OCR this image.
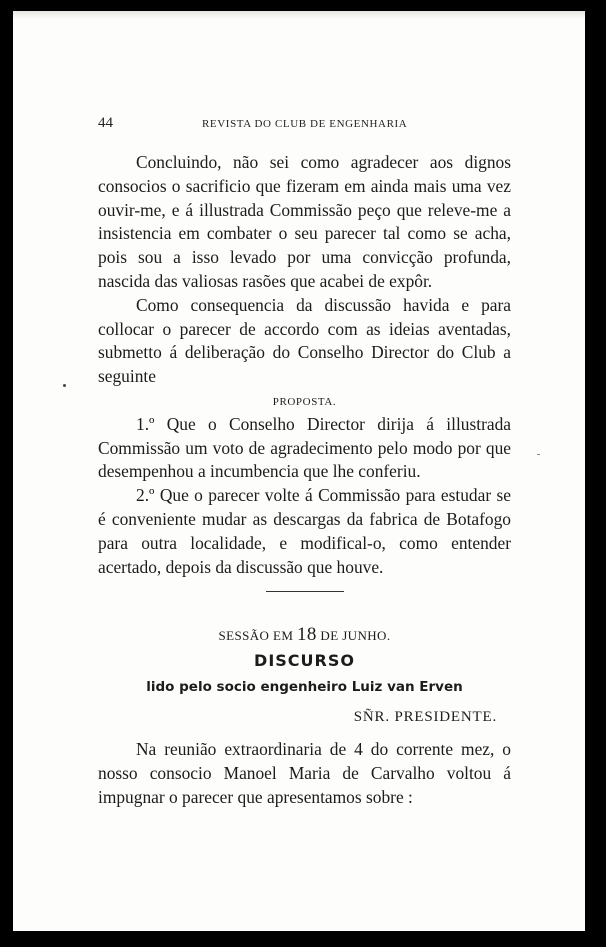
44	REVISTA DO CLUB DE ENGENHARIA

Concluindo, não sei como agradecer aos dignos consocios o sacrificio que fizeram em ainda mais uma vez ouvir-me, e á illustrada Commissão peço que releve-me a insistencia em combater o seu parecer tal como se acha, pois sou a isso levado por uma convicção profunda, nascida das valiosas rasões que acabei de expôr.

Como consequencia da discussão havida e para collocar o parecer de accordo com as ideias aventadas, submetto á deliberação do Conselho Director do Club a seguinte

PROPOSTA.

1.º Que o Conselho Director dirija á illustrada Commissão um voto de agradecimento pelo modo por que desempenhou a incumbencia que lhe conferiu.

2.º Que o parecer volte á Commissão para estudar se é conveniente mudar as descargas da fabrica de Botafogo para outra localidade, e modifical-o, como entender acertado, depois da discussão que houve.

SESSÃO EM 18 DE JUNHO.

DISCURSO

lido pelo socio engenheiro Luiz van Erven

SÑR. PRESIDENTE.

Na reunião extraordinaria de 4 do corrente mez, o nosso consocio Manoel Maria de Carvalho voltou á impugnar o parecer que apresentamos sobre :
